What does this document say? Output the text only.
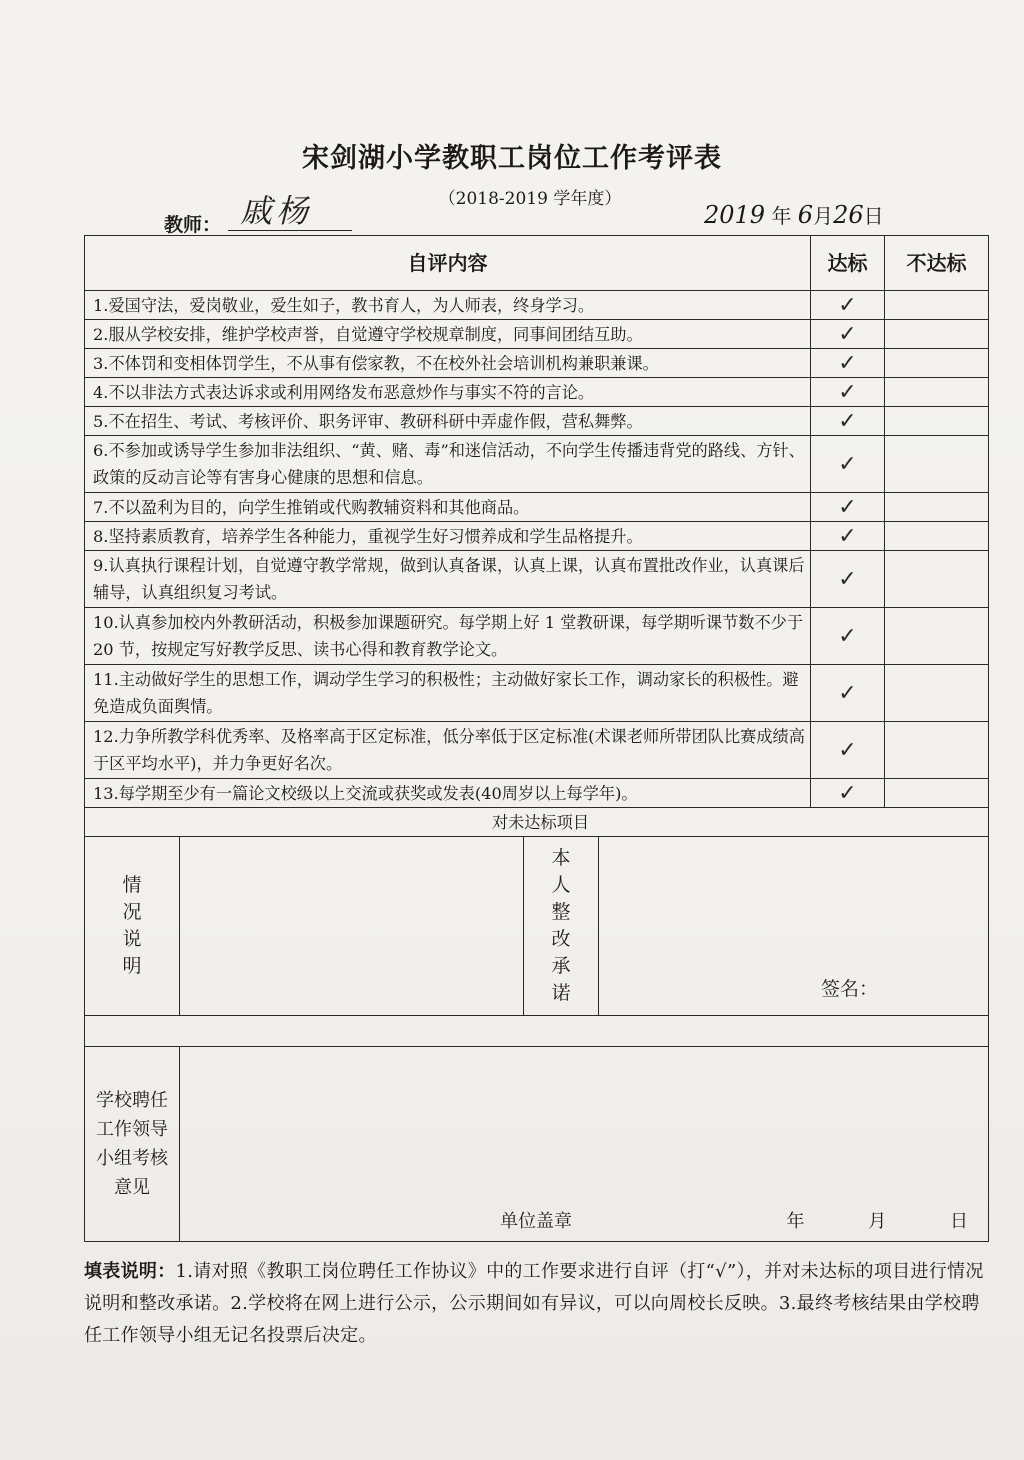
宋剑湖小学教职工岗位工作考评表
（2018-2019 学年度）
教师： 戚杨	2019 年 6月26日
自评内容				达标	不达标
1.爱国守法，爱岗敬业，爱生如子，教书育人，为人师表，终身学习。				✓	
2.服从学校安排，维护学校声誉，自觉遵守学校规章制度，同事间团结互助。				✓	
3.不体罚和变相体罚学生，不从事有偿家教，不在校外社会培训机构兼职兼课。				✓	
4.不以非法方式表达诉求或利用网络发布恶意炒作与事实不符的言论。				✓	
5.不在招生、考试、考核评价、职务评审、教研科研中弄虚作假，营私舞弊。				✓	
6.不参加或诱导学生参加非法组织、“黄、赌、毒”和迷信活动，不向学生传播违背党的路线、方针、政策的反动言论等有害身心健康的思想和信息。				✓	
7.不以盈利为目的，向学生推销或代购教辅资料和其他商品。				✓	
8.坚持素质教育，培养学生各种能力，重视学生好习惯养成和学生品格提升。				✓	
9.认真执行课程计划，自觉遵守教学常规，做到认真备课，认真上课，认真布置批改作业，认真课后辅导，认真组织复习考试。				✓	
10.认真参加校内外教研活动，积极参加课题研究。每学期上好 1 堂教研课，每学期听课节数不少于 20 节，按规定写好教学反思、读书心得和教育教学论文。				✓	
11.主动做好学生的思想工作，调动学生学习的积极性；主动做好家长工作，调动家长的积极性。避免造成负面舆情。				✓	
12.力争所教学科优秀率、及格率高于区定标准，低分率低于区定标准(术课老师所带团队比赛成绩高于区平均水平)，并力争更好名次。				✓	
13.每学期至少有一篇论文校级以上交流或获奖或发表(40周岁以上每学年)。				✓	
对未达标项目					

情况说明		本人整改承诺	签名：		

学校聘任工作领导小组考核意见	单位盖章 年 月 日				
填表说明：1.请对照《教职工岗位聘任工作协议》中的工作要求进行自评（打“√”），并对未达标的项目进行情况说明和整改承诺。2.学校将在网上进行公示，公示期间如有异议，可以向周校长反映。3.最终考核结果由学校聘任工作领导小组无记名投票后决定。
